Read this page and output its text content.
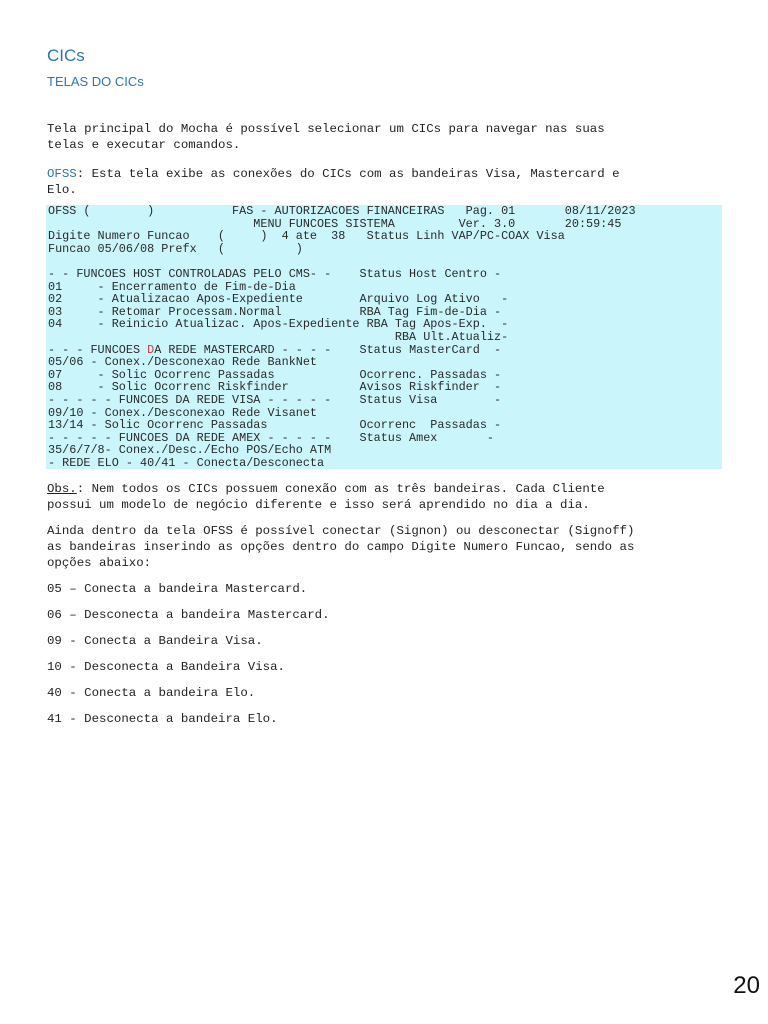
CICs
TELAS DO CICs
Tela principal do Mocha é possível selecionar um CICs para navegar nas suas
telas e executar comandos.
OFSS: Esta tela exibe as conexões do CICs com as bandeiras Visa, Mastercard e
Elo.
OFSS (        )           FAS - AUTORIZACOES FINANCEIRAS   Pag. 01       08/11/2023
MENU FUNCOES SISTEMA         Ver. 3.0       20:59:45
Digite Numero Funcao    (     )  4 ate  38   Status Linh VAP/PC-COAX Visa
Funcao 05/06/08 Prefx   (          )
- - FUNCOES HOST CONTROLADAS PELO CMS- -    Status Host Centro -
01     - Encerramento de Fim-de-Dia
02     - Atualizacao Apos-Expediente        Arquivo Log Ativo   -
03     - Retomar Processam.Normal           RBA Tag Fim-de-Dia -
04     - Reinicio Atualizac. Apos-Expediente RBA Tag Apos-Exp.  -
RBA Ult.Atualiz-
- - - FUNCOES DA REDE MASTERCARD - - - -    Status MasterCard  -
05/06 - Conex./Desconexao Rede BankNet
07     - Solic Ocorrenc Passadas            Ocorrenc. Passadas -
08     - Solic Ocorrenc Riskfinder          Avisos Riskfinder  -
- - - - - FUNCOES DA REDE VISA - - - - -    Status Visa        -
09/10 - Conex./Desconexao Rede Visanet
13/14 - Solic Ocorrenc Passadas             Ocorrenc  Passadas -
- - - - - FUNCOES DA REDE AMEX - - - - -    Status Amex       -
35/6/7/8- Conex./Desc./Echo POS/Echo ATM
- REDE ELO - 40/41 - Conecta/Desconecta
Obs.: Nem todos os CICs possuem conexão com as três bandeiras. Cada Cliente
possui um modelo de negócio diferente e isso será aprendido no dia a dia.
Ainda dentro da tela OFSS é possível conectar (Signon) ou desconectar (Signoff)
as bandeiras inserindo as opções dentro do campo Digite Numero Funcao, sendo as
opções abaixo:
05 – Conecta a bandeira Mastercard.
06 – Desconecta a bandeira Mastercard.
09 - Conecta a Bandeira Visa.
10 - Desconecta a Bandeira Visa.
40 - Conecta a bandeira Elo.
41 - Desconecta a bandeira Elo.
20
